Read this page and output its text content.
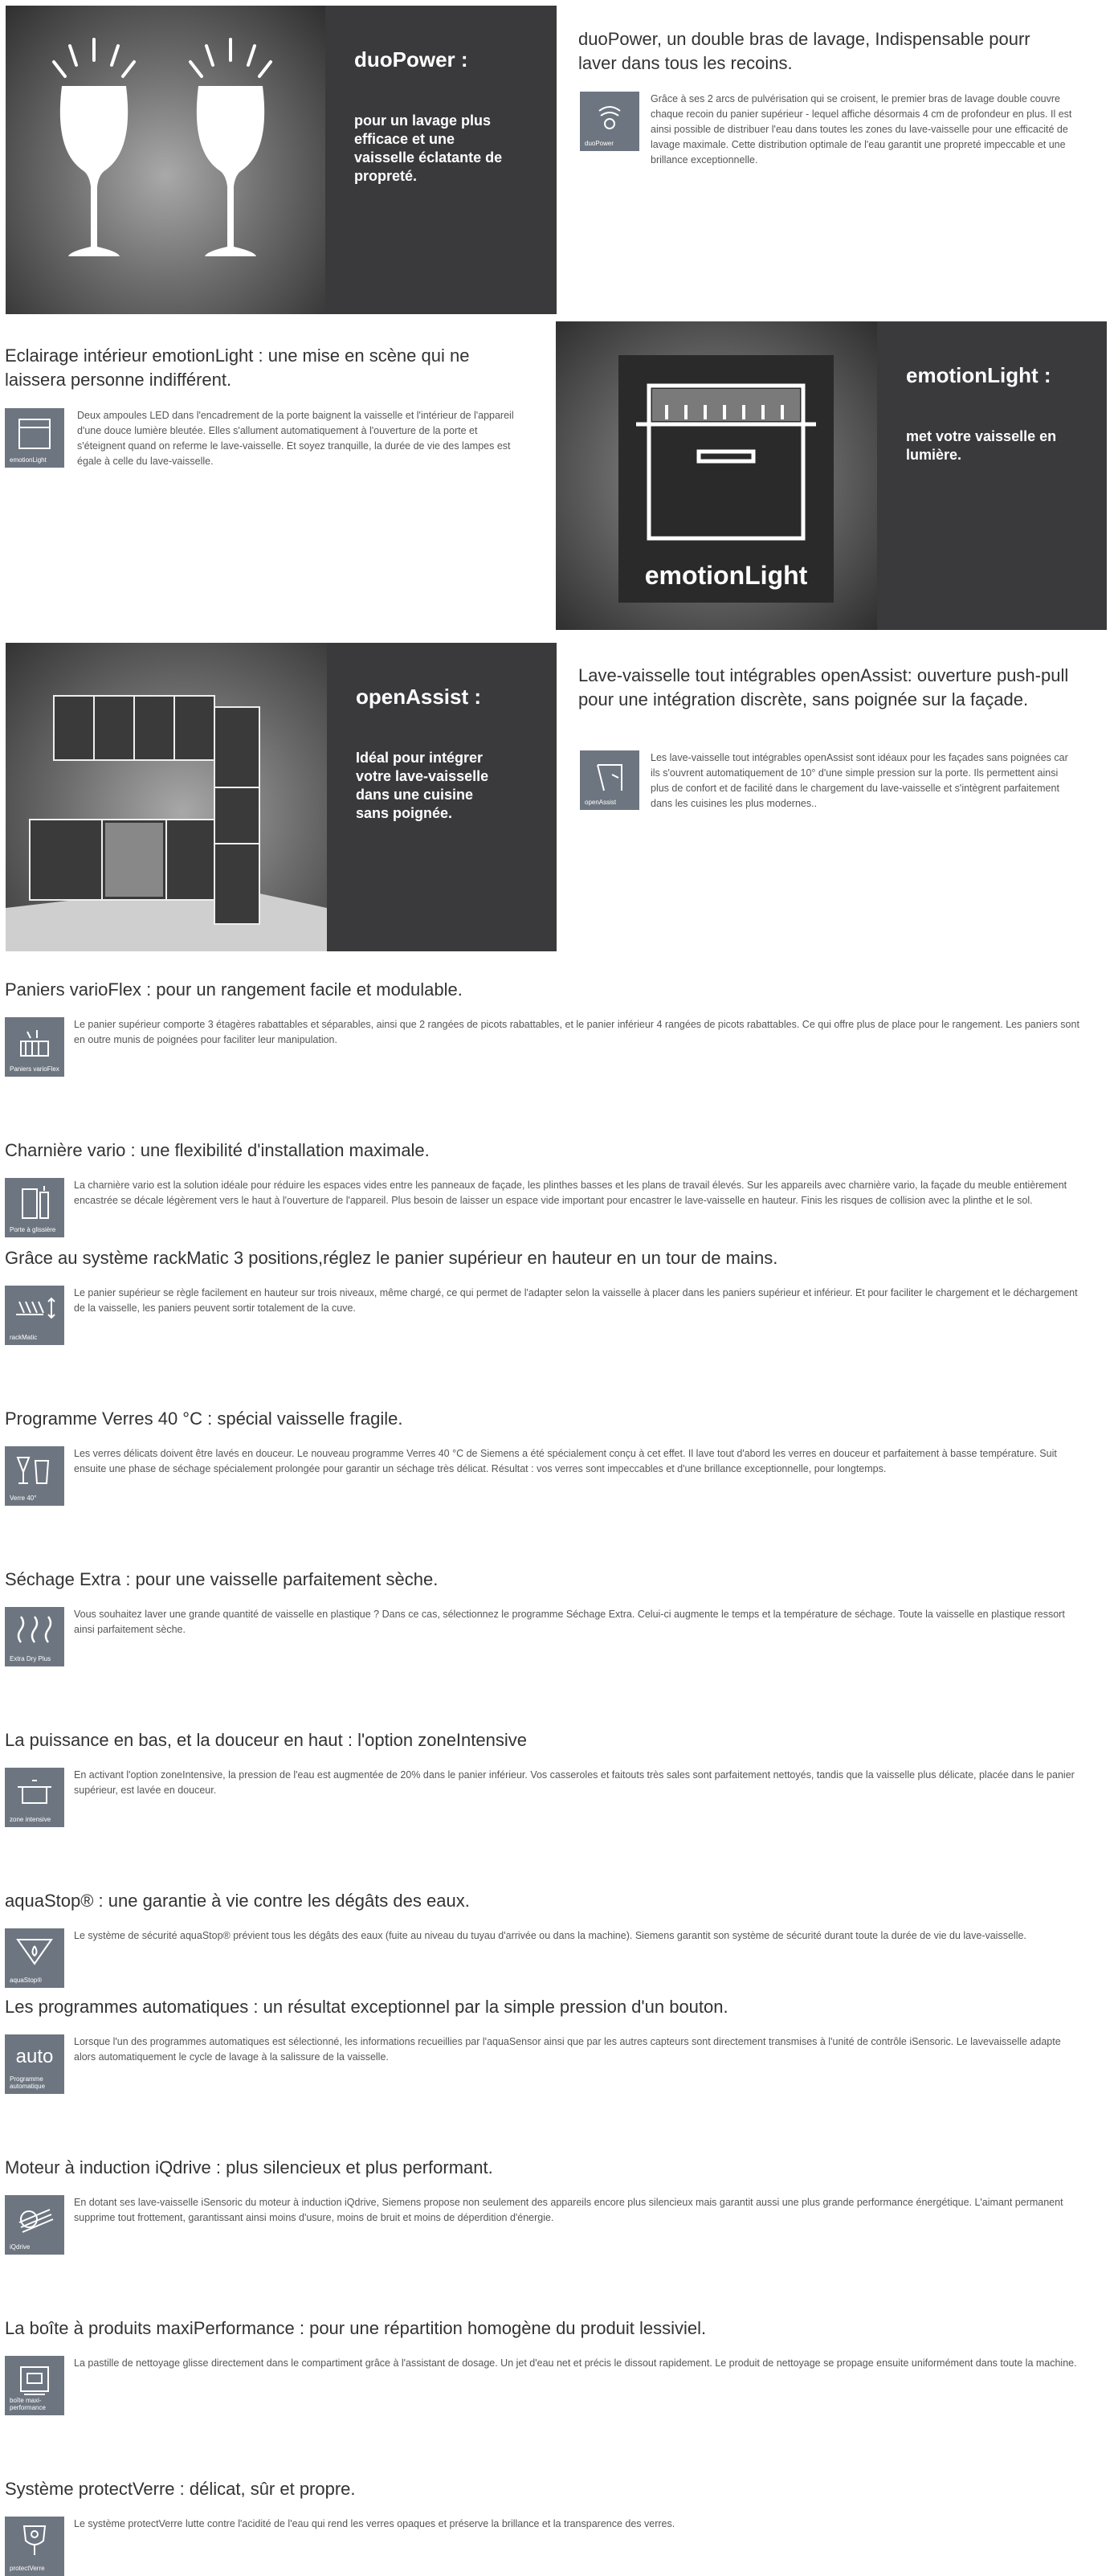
duoPower :

pour un lavage plus efficace et une vaisselle éclatante de propreté.

duoPower, un double bras de lavage, Indispensable pourr laver dans tous les recoins.
duoPower

Grâce à ses 2 arcs de pulvérisation qui se croisent, le premier bras de lavage double couvre chaque recoin du panier supérieur - lequel affiche désormais 4 cm de profondeur en plus. Il est ainsi possible de distribuer l'eau dans toutes les zones du lave-vaisselle pour une efficacité de lavage maximale. Cette distribution optimale de l'eau garantit une propreté impeccable et une brillance exceptionnelle.

Eclairage intérieur emotionLight : une mise en scène qui ne laissera personne indifférent.
emotionLight

Deux ampoules LED dans l'encadrement de la porte baignent la vaisselle et l'intérieur de l'appareil d'une douce lumière bleutée. Elles s'allument automatiquement à l'ouverture de la porte et s'éteignent quand on referme le lave-vaisselle. Et soyez tranquille, la durée de vie des lampes est égale à celle du lave-vaisselle.

emotionLight
emotionLight :

met votre vaisselle en lumière.

openAssist :

Idéal pour intégrer votre lave-vaisselle dans une cuisine sans poignée.

Lave-vaisselle tout intégrables openAssist: ouverture push-pull pour une intégration discrète, sans poignée sur la façade.
openAssist

Les lave-vaisselle tout intégrables openAssist sont idéaux pour les façades sans poignées car ils s'ouvrent automatiquement de 10° d'une simple pression sur la porte. Ils permettent ainsi plus de confort et de facilité dans le chargement du lave-vaisselle et s'intègrent parfaitement dans les cuisines les plus modernes..

Paniers varioFlex : pour un rangement facile et modulable.
Paniers varioFlex

Le panier supérieur comporte 3 étagères rabattables et séparables, ainsi que 2 rangées de picots rabattables, et le panier inférieur 4 rangées de picots rabattables. Ce qui offre plus de place pour le rangement. Les paniers sont en outre munis de poignées pour faciliter leur manipulation.

Charnière vario : une flexibilité d'installation maximale.
Porte à glissière

La charnière vario est la solution idéale pour réduire les espaces vides entre les panneaux de façade, les plinthes basses et les plans de travail élevés. Sur les appareils avec charnière vario, la façade du meuble entièrement encastrée se décale légèrement vers le haut à l'ouverture de l'appareil. Plus besoin de laisser un espace vide important pour encastrer le lave-vaisselle en hauteur. Finis les risques de collision avec la plinthe et le sol.

Grâce au système rackMatic 3 positions,réglez le panier supérieur en hauteur en un tour de mains.
rackMatic

Le panier supérieur se règle facilement en hauteur sur trois niveaux, même chargé, ce qui permet de l'adapter selon la vaisselle à placer dans les paniers supérieur et inférieur. Et pour faciliter le chargement et le déchargement de la vaisselle, les paniers peuvent sortir totalement de la cuve.

Programme Verres 40 °C : spécial vaisselle fragile.
Verre 40°

Les verres délicats doivent être lavés en douceur. Le nouveau programme Verres 40 °C de Siemens a été spécialement conçu à cet effet. Il lave tout d'abord les verres en douceur et parfaitement à basse température. Suit ensuite une phase de séchage spécialement prolongée pour garantir un séchage très délicat. Résultat : vos verres sont impeccables et d'une brillance exceptionnelle, pour longtemps.

Séchage Extra : pour une vaisselle parfaitement sèche.
Extra Dry Plus

Vous souhaitez laver une grande quantité de vaisselle en plastique ? Dans ce cas, sélectionnez le programme Séchage Extra. Celui-ci augmente le temps et la température de séchage. Toute la vaisselle en plastique ressort ainsi parfaitement sèche.

La puissance en bas, et la douceur en haut : l'option zoneIntensive
zone intensive

En activant l'option zoneIntensive, la pression de l'eau est augmentée de 20% dans le panier inférieur. Vos casseroles et faitouts très sales sont parfaitement nettoyés, tandis que la vaisselle plus délicate, placée dans le panier supérieur, est lavée en douceur.

aquaStop® : une garantie à vie contre les dégâts des eaux.
aquaStop®

Le système de sécurité aquaStop® prévient tous les dégâts des eaux (fuite au niveau du tuyau d'arrivée ou dans la machine). Siemens garantit son système de sécurité durant toute la durée de vie du lave-vaisselle.

Les programmes automatiques : un résultat exceptionnel par la simple pression d'un bouton.
auto
Programme automatique

Lorsque l'un des programmes automatiques est sélectionné, les informations recueillies par l'aquaSensor ainsi que par les autres capteurs sont directement transmises à l'unité de contrôle iSensoric. Le lavevaisselle adapte alors automatiquement le cycle de lavage à la salissure de la vaisselle.

Moteur à induction iQdrive : plus silencieux et plus performant.
iQdrive

En dotant ses lave-vaisselle iSensoric du moteur à induction iQdrive, Siemens propose non seulement des appareils encore plus silencieux mais garantit aussi une plus grande performance énergétique. L'aimant permanent supprime tout frottement, garantissant ainsi moins d'usure, moins de bruit et moins de déperdition d'énergie.

La boîte à produits maxiPerformance : pour une répartition homogène du produit lessiviel.
boîte maxi-performance

La pastille de nettoyage glisse directement dans le compartiment grâce à l'assistant de dosage. Un jet d'eau net et précis le dissout rapidement. Le produit de nettoyage se propage ensuite uniformément dans toute la machine.

Système protectVerre : délicat, sûr et propre.
protectVerre

Le système protectVerre lutte contre l'acidité de l'eau qui rend les verres opaques et préserve la brillance et la transparence des verres.
